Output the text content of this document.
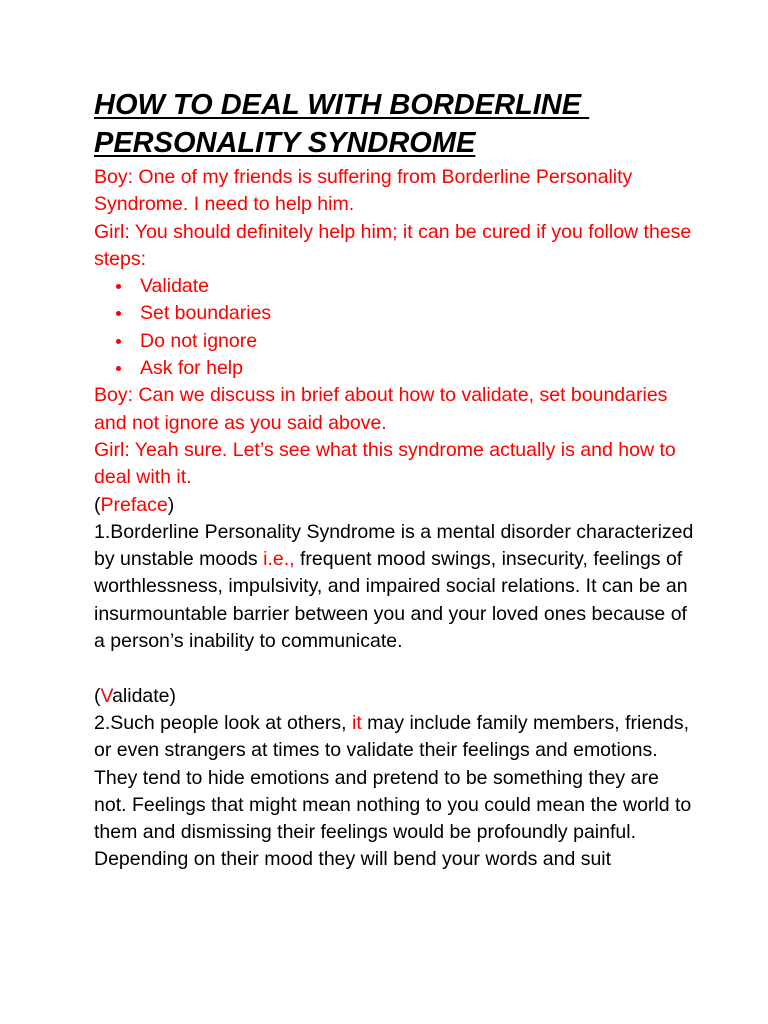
HOW TO DEAL WITH BORDERLINE
PERSONALITY SYNDROME

Boy: One of my friends is suffering from Borderline Personality Syndrome. I need to help him.

Girl: You should definitely help him; it can be cured if you follow these steps:

Validate
Set boundaries
Do not ignore
Ask for help

Boy: Can we discuss in brief about how to validate, set boundaries and not ignore as you said above.

Girl: Yeah sure. Let’s see what this syndrome actually is and how to deal with it.

(Preface)

1.Borderline Personality Syndrome is a mental disorder characterized by unstable moods i.e., frequent mood swings, insecurity, feelings of worthlessness, impulsivity, and impaired social relations. It can be an insurmountable barrier between you and your loved ones because of a person’s inability to communicate.

(Validate)

2.Such people look at others, it may include family members, friends, or even strangers at times to validate their feelings and emotions. They tend to hide emotions and pretend to be something they are not. Feelings that might mean nothing to you could mean the world to them and dismissing their feelings would be profoundly painful. Depending on their mood they will bend your words and suit
